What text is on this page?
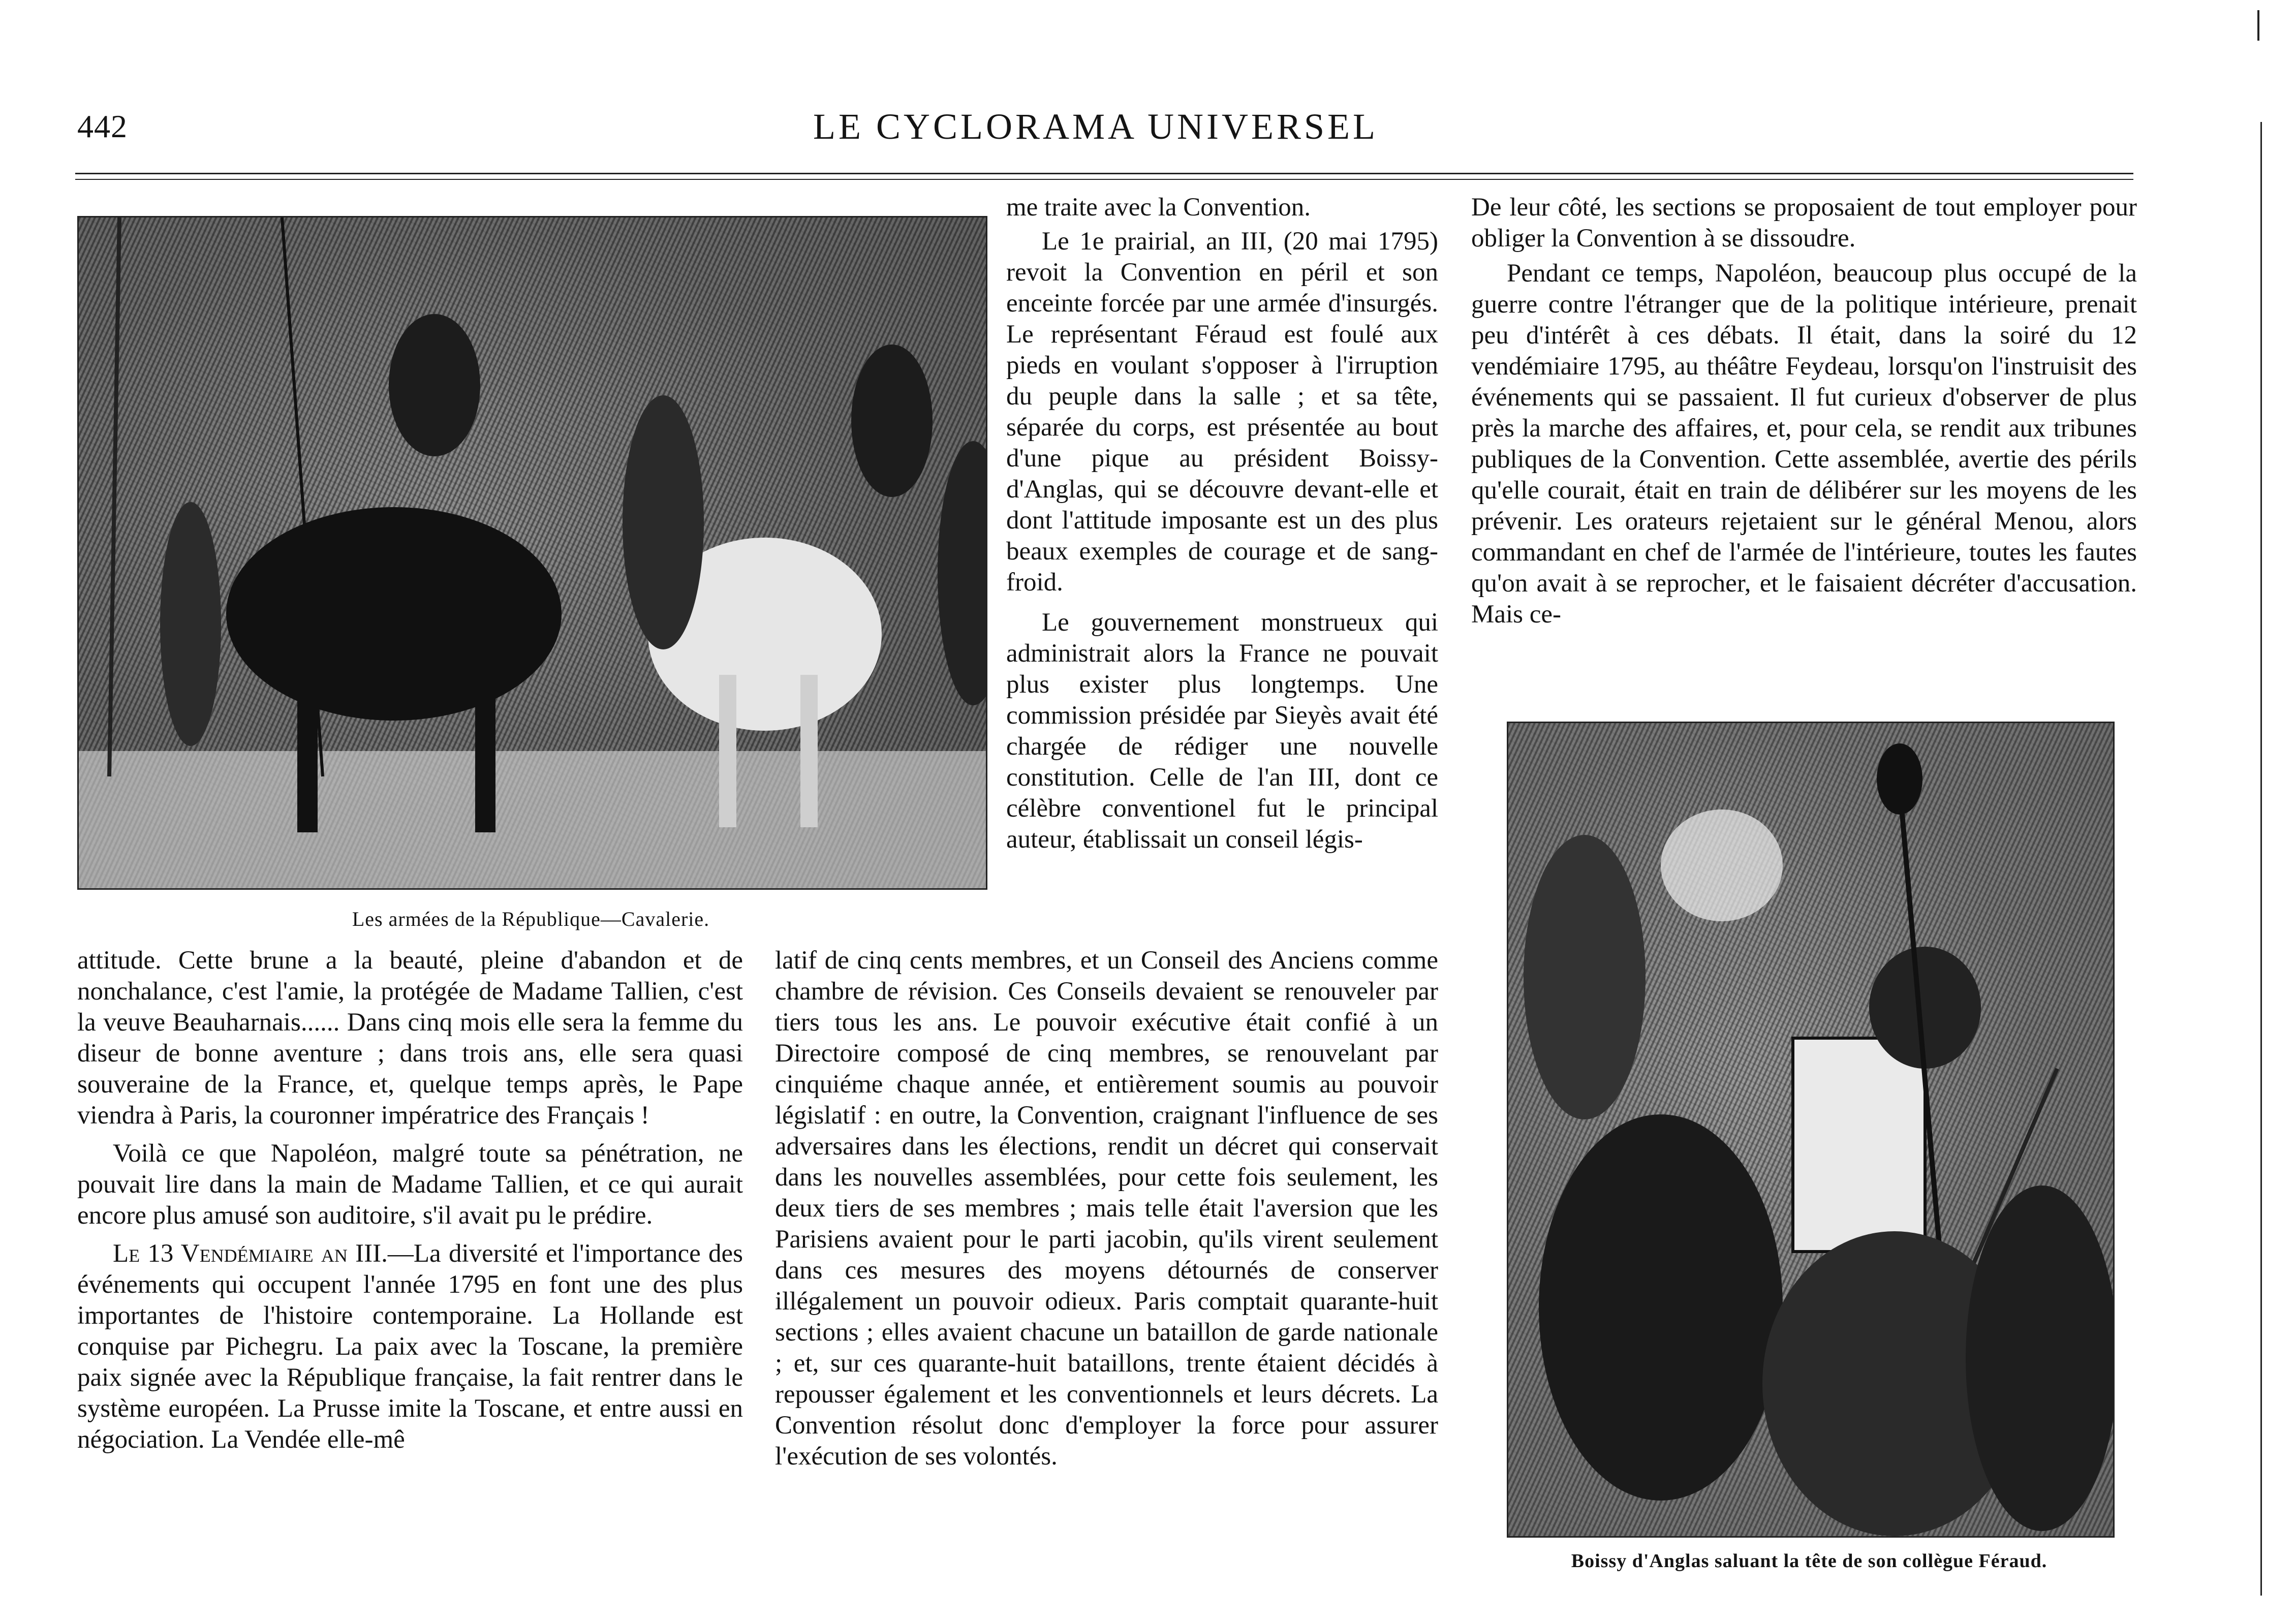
442	LE CYCLORAMA UNIVERSEL
Les armées de la République—Cavalerie.

attitude. Cette brune a la beauté, pleine d'abandon et de nonchalance, c'est l'amie, la protégée de Madame Tallien, c'est la veuve Beauharnais...... Dans cinq mois elle sera la femme du diseur de bonne aventure ; dans trois ans, elle sera quasi souveraine de la France, et, quelque temps après, le Pape viendra à Paris, la couronner impératrice des Français !

Voilà ce que Napoléon, malgré toute sa pénétration, ne pouvait lire dans la main de Madame Tallien, et ce qui aurait encore plus amusé son auditoire, s'il avait pu le prédire.

Le 13 Vendémiaire an III.—La diversité et l'importance des événements qui occupent l'année 1795 en font une des plus importantes de l'histoire contemporaine. La Hollande est conquise par Pichegru. La paix avec la Toscane, la première paix signée avec la République française, la fait rentrer dans le système européen. La Prusse imite la Toscane, et entre aussi en négociation. La Vendée elle-mê

me traite avec la Convention.

Le 1e prairial, an III, (20 mai 1795) revoit la Convention en péril et son enceinte forcée par une armée d'insurgés. Le représentant Féraud est foulé aux pieds en voulant s'opposer à l'irruption du peuple dans la salle ; et sa tête, séparée du corps, est présentée au bout d'une pique au président Boissy-d'Anglas, qui se découvre devant-elle et dont l'attitude imposante est un des plus beaux exemples de courage et de sang-froid.

Le gouvernement monstrueux qui administrait alors la France ne pouvait plus exister plus longtemps. Une commission présidée par Sieyès avait été chargée de rédiger une nouvelle constitution. Celle de l'an III, dont ce célèbre conventionel fut le principal auteur, établissait un conseil légis-

latif de cinq cents membres, et un Conseil des Anciens comme chambre de révision. Ces Conseils devaient se renouveler par tiers tous les ans. Le pouvoir exécutive était confié à un Directoire composé de cinq membres, se renouvelant par cinquiéme chaque année, et entièrement soumis au pouvoir législatif : en outre, la Convention, craignant l'influence de ses adversaires dans les élections, rendit un décret qui conservait dans les nouvelles assemblées, pour cette fois seulement, les deux tiers de ses membres ; mais telle était l'aversion que les Parisiens avaient pour le parti jacobin, qu'ils virent seulement dans ces mesures des moyens détournés de conserver illégalement un pouvoir odieux. Paris comptait quarante-huit sections ; elles avaient chacune un bataillon de garde nationale ; et, sur ces quarante-huit bataillons, trente étaient décidés à repousser également et les conventionnels et leurs décrets. La Convention résolut donc d'employer la force pour assurer l'exécution de ses volontés.

De leur côté, les sections se proposaient de tout employer pour obliger la Convention à se dissoudre.

Pendant ce temps, Napoléon, beaucoup plus occupé de la guerre contre l'étranger que de la politique intérieure, prenait peu d'intérêt à ces débats. Il était, dans la soiré du 12 vendémiaire 1795, au théâtre Feydeau, lorsqu'on l'instruisit des événements qui se passaient. Il fut curieux d'observer de plus près la marche des affaires, et, pour cela, se rendit aux tribunes publiques de la Convention. Cette assemblée, avertie des périls qu'elle courait, était en train de délibérer sur les moyens de les prévenir. Les orateurs rejetaient sur le général Menou, alors commandant en chef de l'armée de l'intérieure, toutes les fautes qu'on avait à se reprocher, et le faisaient décréter d'accusation. Mais ce-

Boissy d'Anglas saluant la tête de son collègue Féraud.
